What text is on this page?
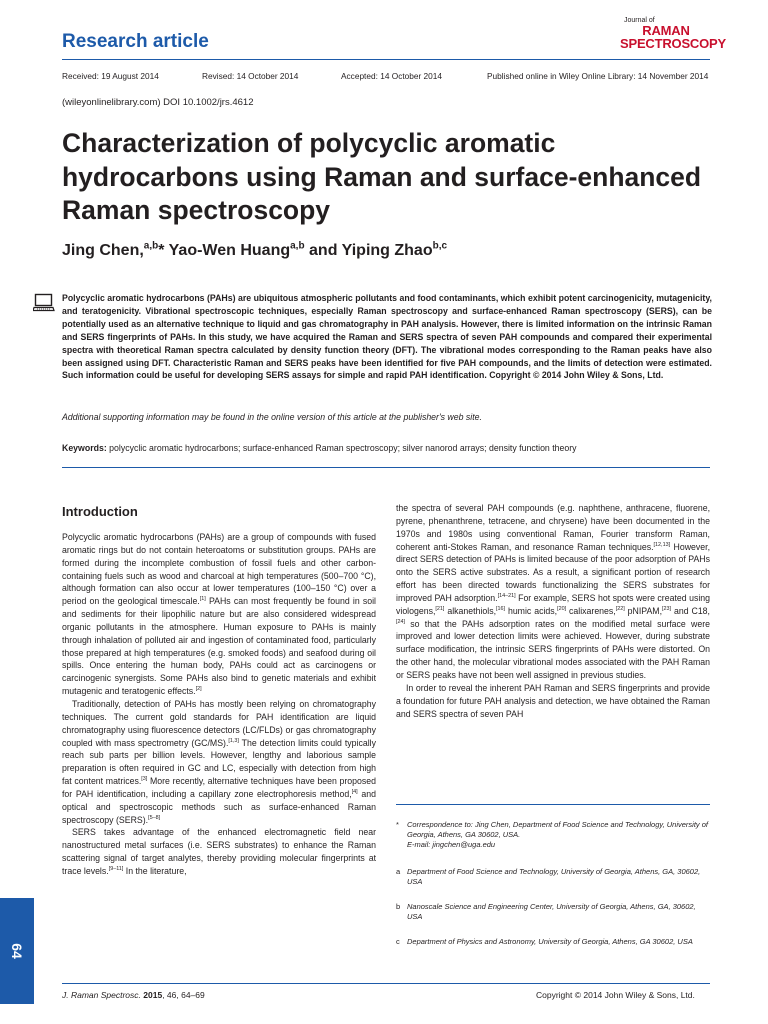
Research article
Journal of
RAMAN
SPECTROSCOPY
Received: 19 August 2014	Revised: 14 October 2014	Accepted: 14 October 2014	Published online in Wiley Online Library: 14 November 2014
(wileyonlinelibrary.com) DOI 10.1002/jrs.4612
Characterization of polycyclic aromatic hydrocarbons using Raman and surface-enhanced Raman spectroscopy
Jing Chen,$^{a,b}$* Yao-Wen Huang$^{a,b}$ and Yiping Zhao$^{b,c}$
Polycyclic aromatic hydrocarbons (PAHs) are ubiquitous atmospheric pollutants and food contaminants, which exhibit potent carcinogenicity, mutagenicity, and teratogenicity. Vibrational spectroscopic techniques, especially Raman spectroscopy and surface-enhanced Raman spectroscopy (SERS), can be potentially used as an alternative technique to liquid and gas chromatography in PAH analysis. However, there is limited information on the intrinsic Raman and SERS fingerprints of PAHs. In this study, we have acquired the Raman and SERS spectra of seven PAH compounds and compared their experimental spectra with theoretical Raman spectra calculated by density function theory (DFT). The vibrational modes corresponding to the Raman peaks have also been assigned using DFT. Characteristic Raman and SERS peaks have been identified for five PAH compounds, and the limits of detection were estimated. Such information could be useful for developing SERS assays for simple and rapid PAH identification. Copyright © 2014 John Wiley & Sons, Ltd.
Additional supporting information may be found in the online version of this article at the publisher's web site.
Keywords: polycyclic aromatic hydrocarbons; surface-enhanced Raman spectroscopy; silver nanorod arrays; density function theory
Introduction

Polycyclic aromatic hydrocarbons (PAHs) are a group of compounds with fused aromatic rings but do not contain heteroatoms or substitution groups. PAHs are formed during the incomplete combustion of fossil fuels and other carbon-containing fuels such as wood and charcoal at high temperatures (500–700 °C), although formation can also occur at lower temperatures (100–150 °C) over a period on the geological timescale.[1] PAHs can most frequently be found in soil and sediments for their lipophilic nature but are also considered widespread organic pollutants in the atmosphere. Human exposure to PAHs is mainly through inhalation of polluted air and ingestion of contaminated food, particularly those prepared at high temperatures (e.g. smoked foods) and seafood during oil spills. Once entering the human body, PAHs could act as carcinogens or carcinogenic synergists. Some PAHs also bind to genetic materials and exhibit mutagenic and teratogenic effects.[2]

Traditionally, detection of PAHs has mostly been relying on chromatography techniques. The current gold standards for PAH identification are liquid chromatography using fluorescence detectors (LC/FLDs) or gas chromatography coupled with mass spectrometry (GC/MS).[1,3] The detection limits could typically reach sub parts per billion levels. However, lengthy and laborious sample preparation is often required in GC and LC, especially with detection from high fat content matrices.[3] More recently, alternative techniques have been proposed for PAH identification, including a capillary zone electrophoresis method,[4] and optical and spectroscopic methods such as surface-enhanced Raman spectroscopy (SERS).[5–8]

SERS takes advantage of the enhanced electromagnetic field near nanostructured metal surfaces (i.e. SERS substrates) to enhance the Raman scattering signal of target analytes, thereby providing molecular fingerprints at trace levels.[9–11] In the literature,

the spectra of several PAH compounds (e.g. naphthene, anthracene, fluorene, pyrene, phenanthrene, tetracene, and chrysene) have been documented in the 1970s and 1980s using conventional Raman, Fourier transform Raman, coherent anti-Stokes Raman, and resonance Raman techniques.[12,13] However, direct SERS detection of PAHs is limited because of the poor adsorption of PAHs onto the SERS active substrates. As a result, a significant portion of research effort has been directed towards functionalizing the SERS substrates for improved PAH adsorption.[14–21] For example, SERS hot spots were created using viologens,[21] alkanethiols,[16] humic acids,[20] calixarenes,[22] pNIPAM,[23] and C18,[24] so that the PAHs adsorption rates on the modified metal surface were improved and lower detection limits were achieved. However, during substrate surface modification, the intrinsic SERS fingerprints of PAHs were distorted. On the other hand, the molecular vibrational modes associated with the PAH Raman or SERS peaks have not been well assigned in previous studies.

In order to reveal the inherent PAH Raman and SERS fingerprints and provide a foundation for future PAH analysis and detection, we have obtained the Raman and SERS spectra of seven PAH

* Correspondence to: Jing Chen, Department of Food Science and Technology, University of Georgia, Athens, GA 30602, USA.
E-mail: jingchen@uga.edu
a Department of Food Science and Technology, University of Georgia, Athens, GA, 30602, USA
b Nanoscale Science and Engineering Center, University of Georgia, Athens, GA, 30602, USA
c Department of Physics and Astronomy, University of Georgia, Athens, GA 30602, USA
64
J. Raman Spectrosc. 2015, 46, 64–69	Copyright © 2014 John Wiley & Sons, Ltd.
